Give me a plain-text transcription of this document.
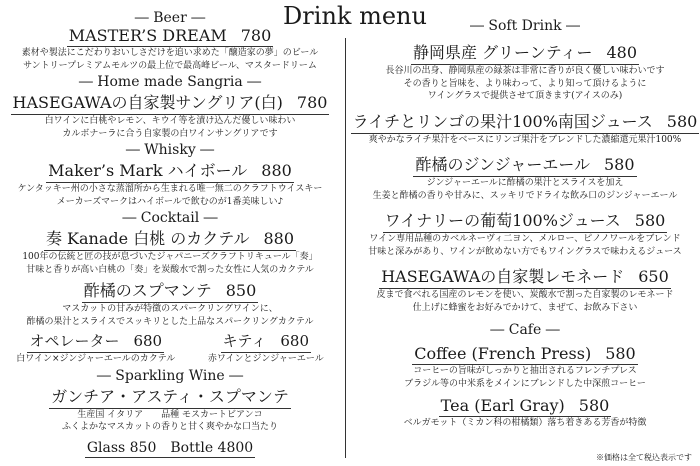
Drink menu
― Beer ―
MASTER’S DREAM 780
素材や製法にこだわりおいしさだけを追い求めた「醸造家の夢」のビール
サントリープレミアムモルツの最上位で最高峰ビール、マスタードリーム
― Home made Sangria ―
HASEGAWAの自家製サングリア(白) 780
白ワインに白桃やレモン、キウイ等を漬け込んだ優しい味わい
カルボナーラに合う自家製の白ワインサングリアです
― Whisky ―
Maker’s Mark ハイボール 880
ケンタッキー州の小さな蒸溜所から生まれる唯一無二のクラフトウイスキー
メーカーズマークはハイボールで飲むのが1番美味しい♪
― Cocktail ―
奏 Kanade 白桃 のカクテル 880
100年の伝統と匠の技が息づいたジャパニーズクラフトリキュール「奏」
甘味と香りが高い白桃の「奏」を炭酸水で割った女性に人気のカクテル
酢橘のスプマンテ 850
マスカットの甘みが特徴のスパークリングワインに、
酢橘の果汁とスライスでスッキリとした上品なスパークリングカクテル
オペレーター 680
白ワイン×ジンジャーエールのカクテル
キティ 680
赤ワインとジンジャーエール
― Sparkling Wine ―
ガンチア・アスティ・スプマンテ
生産国 イタリア　　品種 モスカートビアンコ
ふくよかなマスカットの香りと甘く爽やかな口当たり
Glass 850 Bottle 4800
― Soft Drink ―
静岡県産 グリーンティー 480
長谷川の出身、静岡県産の緑茶は非常に香りが良く優しい味わいです
その香りと旨味を、より味わって、より知って頂けるように
ワイングラスで提供させて頂きます(アイスのみ)
ライチとリンゴの果汁100%南国ジュース 580
爽やかなライチ果汁をベースにリンゴ果汁をブレンドした濃縮還元果汁100%
酢橘のジンジャーエール 580
ジンジャーエールに酢橘の果汁とスライスを加え
生姜と酢橘の香りや甘みに、スッキリでドライな飲み口のジンジャーエール
ワイナリーの葡萄100%ジュース 580
ワイン専用品種のカベルネーヴィ二ヨン、メルロー、ピノノワールをブレンド
甘味と深みがあり、ワインが飲めない方でもワイングラスで味わえるジュース
HASEGAWAの自家製レモネード 650
皮まで食べれる国産のレモンを使い、炭酸水で割った自家製のレモネード
仕上げに蜂蜜をお好みでかけて、まぜて、お飲み下さい
― Cafe ―
Coffee (French Press) 580
コーヒーの旨味がしっかりと抽出されるフレンチプレス
ブラジル等の中米系をメインにブレンドした中深煎コーヒー
Tea (Earl Gray) 580
ベルガモット（ミカン科の柑橘類）落ち着きある芳香が特徴
※価格は全て税込表示です
